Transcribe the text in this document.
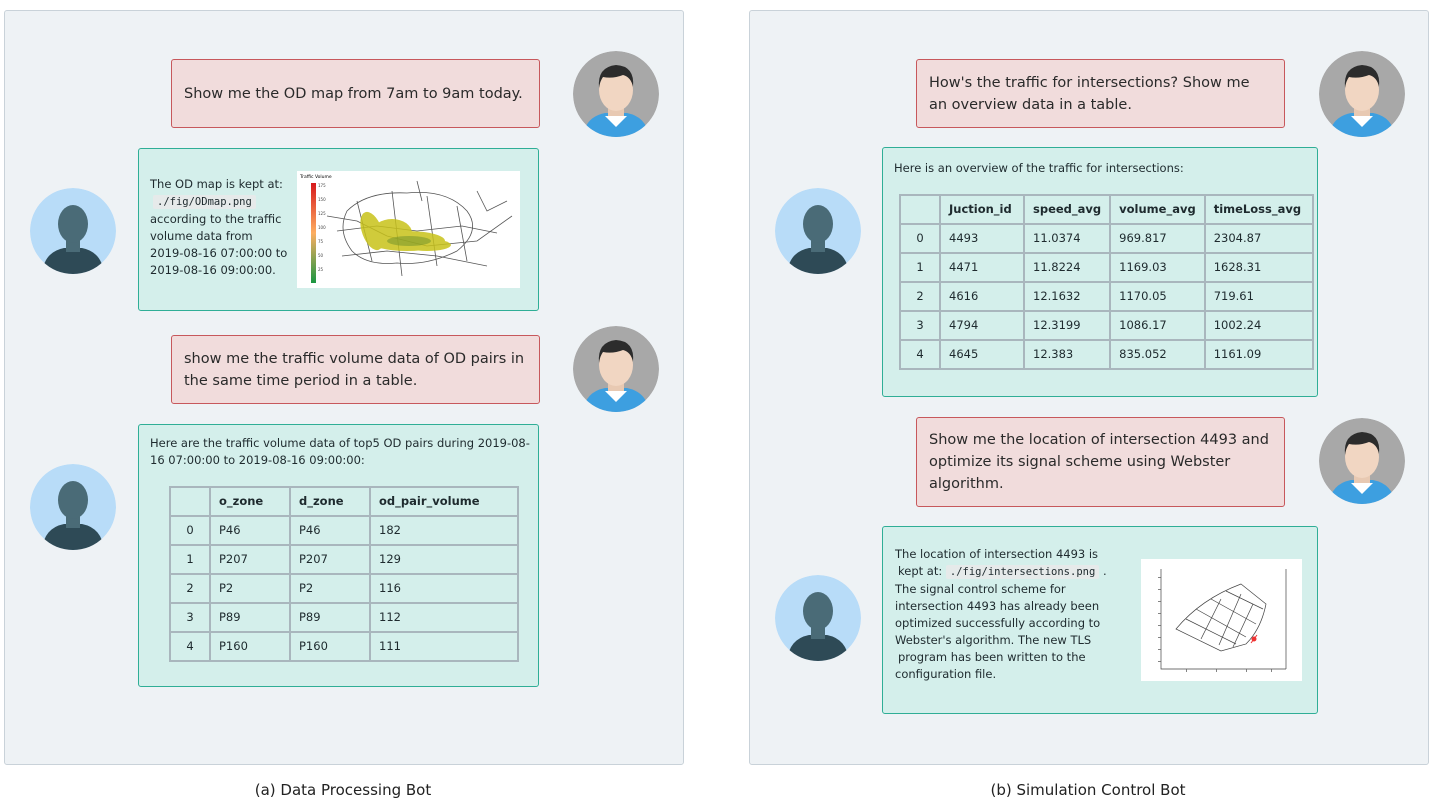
(a) Data Processing Bot
Show me the OD map from 7am to 9am today.
The OD map is kept at:
./fig/ODmap.png
according to the traffic
volume data from
2019-08-16 07:00:00 to
2019-08-16 09:00:00.
Traffic Volume
175
150
125
100
75
50
25
show me the traffic volume data of OD pairs in the same time period in a table.
Here are the traffic volume data of top5 OD pairs during 2019-08-16 07:00:00 to 2019-08-16 09:00:00:
	o_zone	d_zone	od_pair_volume
0	P46	P46	182
1	P207	P207	129
2	P2	P2	116
3	P89	P89	112
4	P160	P160	111
(b) Simulation Control Bot
How's the traffic for intersections? Show me an overview data in a table.
Here is an overview of the traffic for intersections:
	Juction_id	speed_avg	volume_avg	timeLoss_avg
0	4493	11.0374	969.817	2304.87
1	4471	11.8224	1169.03	1628.31
2	4616	12.1632	1170.05	719.61
3	4794	12.3199	1086.17	1002.24
4	4645	12.383	835.052	1161.09
Show me the location of intersection 4493 and optimize its signal scheme using Webster algorithm.
The location of intersection 4493 is
kept at: ./fig/intersections.png .
The signal control scheme for
intersection 4493 has already been
optimized successfully according to
Webster's algorithm. The new TLS
program has been written to the
configuration file.
